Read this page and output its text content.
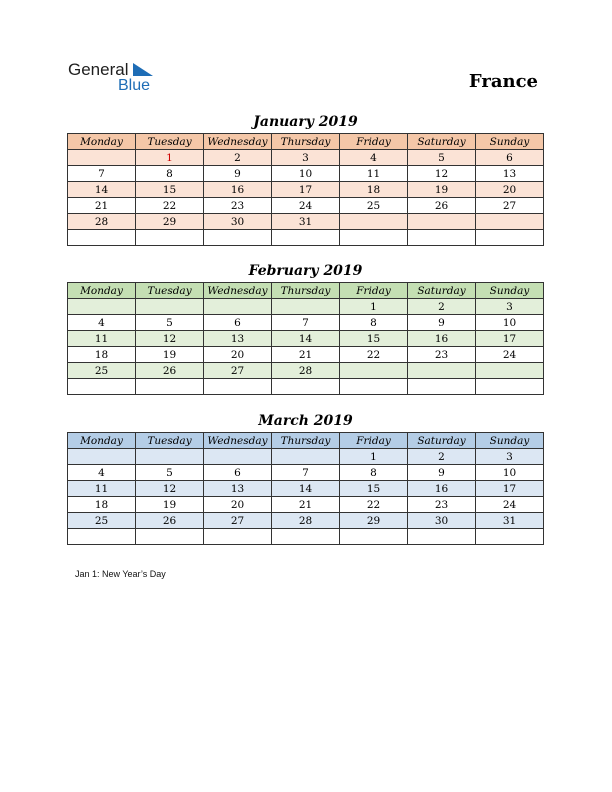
General
Blue	France
January 2019
Monday	Tuesday	Wednesday	Thursday	Friday	Saturday	Sunday
	1	2	3	4	5	6
7	8	9	10	11	12	13
14	15	16	17	18	19	20
21	22	23	24	25	26	27
28	29	30	31			

February 2019
Monday	Tuesday	Wednesday	Thursday	Friday	Saturday	Sunday
				1	2	3
4	5	6	7	8	9	10
11	12	13	14	15	16	17
18	19	20	21	22	23	24
25	26	27	28			

March 2019
Monday	Tuesday	Wednesday	Thursday	Friday	Saturday	Sunday
				1	2	3
4	5	6	7	8	9	10
11	12	13	14	15	16	17
18	19	20	21	22	23	24
25	26	27	28	29	30	31

Jan 1: New Year’s Day
